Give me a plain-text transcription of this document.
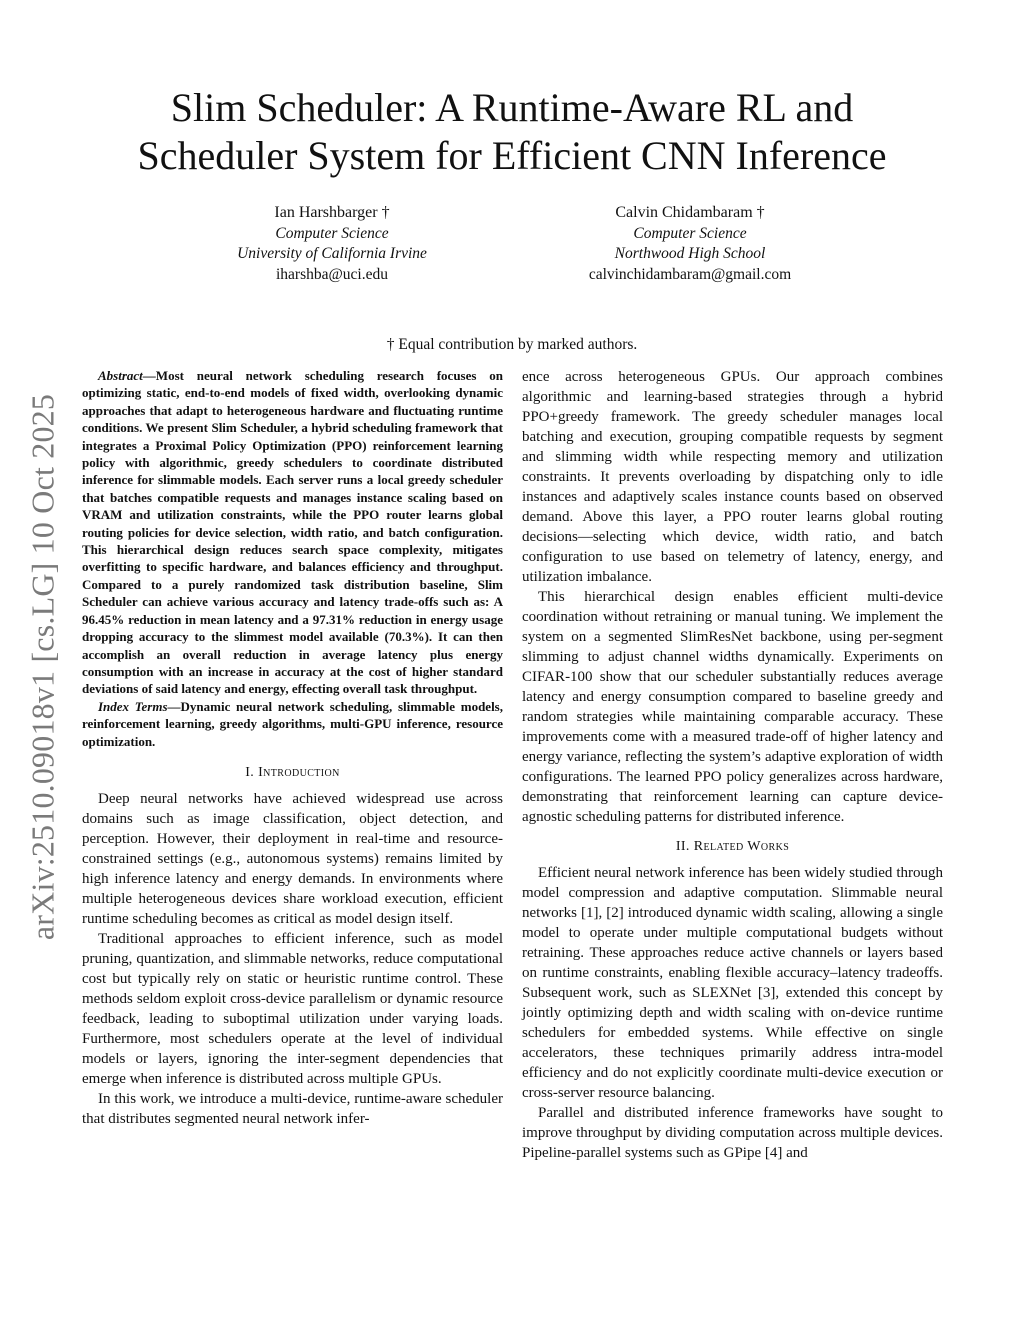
arXiv:2510.09018v1 [cs.LG] 10 Oct 2025
Slim Scheduler: A Runtime-Aware RL and
Scheduler System for Efficient CNN Inference
Ian Harshbarger †
Computer Science
University of California Irvine
iharshba@uci.edu
Calvin Chidambaram †
Computer Science
Northwood High School
calvinchidambaram@gmail.com
† Equal contribution by marked authors.

Abstract—Most neural network scheduling research focuses on optimizing static, end-to-end models of fixed width, overlooking dynamic approaches that adapt to heterogeneous hardware and fluctuating runtime conditions. We present Slim Scheduler, a hybrid scheduling framework that integrates a Proximal Policy Optimization (PPO) reinforcement learning policy with algorithmic, greedy schedulers to coordinate distributed inference for slimmable models. Each server runs a local greedy scheduler that batches compatible requests and manages instance scaling based on VRAM and utilization constraints, while the PPO router learns global routing policies for device selection, width ratio, and batch configuration. This hierarchical design reduces search space complexity, mitigates overfitting to specific hardware, and balances efficiency and throughput. Compared to a purely randomized task distribution baseline, Slim Scheduler can achieve various accuracy and latency trade-offs such as: A 96.45% reduction in mean latency and a 97.31% reduction in energy usage dropping accuracy to the slimmest model available (70.3%). It can then accomplish an overall reduction in average latency plus energy consumption with an increase in accuracy at the cost of higher standard deviations of said latency and energy, effecting overall task throughput.

Index Terms—Dynamic neural network scheduling, slimmable models, reinforcement learning, greedy algorithms, multi-GPU inference, resource optimization.

I. Introduction

Deep neural networks have achieved widespread use across domains such as image classification, object detection, and perception. However, their deployment in real-time and resource-constrained settings (e.g., autonomous systems) remains limited by high inference latency and energy demands. In environments where multiple heterogeneous devices share workload execution, efficient runtime scheduling becomes as critical as model design itself.

Traditional approaches to efficient inference, such as model pruning, quantization, and slimmable networks, reduce computational cost but typically rely on static or heuristic runtime control. These methods seldom exploit cross-device parallelism or dynamic resource feedback, leading to suboptimal utilization under varying loads. Furthermore, most schedulers operate at the level of individual models or layers, ignoring the inter-segment dependencies that emerge when inference is distributed across multiple GPUs.

In this work, we introduce a multi-device, runtime-aware scheduler that distributes segmented neural network infer-

ence across heterogeneous GPUs. Our approach combines algorithmic and learning-based strategies through a hybrid PPO+greedy framework. The greedy scheduler manages local batching and execution, grouping compatible requests by segment and slimming width while respecting memory and utilization constraints. It prevents overloading by dispatching only to idle instances and adaptively scales instance counts based on observed demand. Above this layer, a PPO router learns global routing decisions—selecting which device, width ratio, and batch configuration to use based on telemetry of latency, energy, and utilization imbalance.

This hierarchical design enables efficient multi-device coordination without retraining or manual tuning. We implement the system on a segmented SlimResNet backbone, using per-segment slimming to adjust channel widths dynamically. Experiments on CIFAR-100 show that our scheduler substantially reduces average latency and energy consumption compared to baseline greedy and random strategies while maintaining comparable accuracy. These improvements come with a measured trade-off of higher latency and energy variance, reflecting the system’s adaptive exploration of width configurations. The learned PPO policy generalizes across hardware, demonstrating that reinforcement learning can capture device-agnostic scheduling patterns for distributed inference.

II. Related Works

Efficient neural network inference has been widely studied through model compression and adaptive computation. Slimmable neural networks [1], [2] introduced dynamic width scaling, allowing a single model to operate under multiple computational budgets without retraining. These approaches reduce active channels or layers based on runtime constraints, enabling flexible accuracy–latency tradeoffs. Subsequent work, such as SLEXNet [3], extended this concept by jointly optimizing depth and width scaling with on-device runtime schedulers for embedded systems. While effective on single accelerators, these techniques primarily address intra-model efficiency and do not explicitly coordinate multi-device execution or cross-server resource balancing.

Parallel and distributed inference frameworks have sought to improve throughput by dividing computation across multiple devices. Pipeline-parallel systems such as GPipe [4] and
